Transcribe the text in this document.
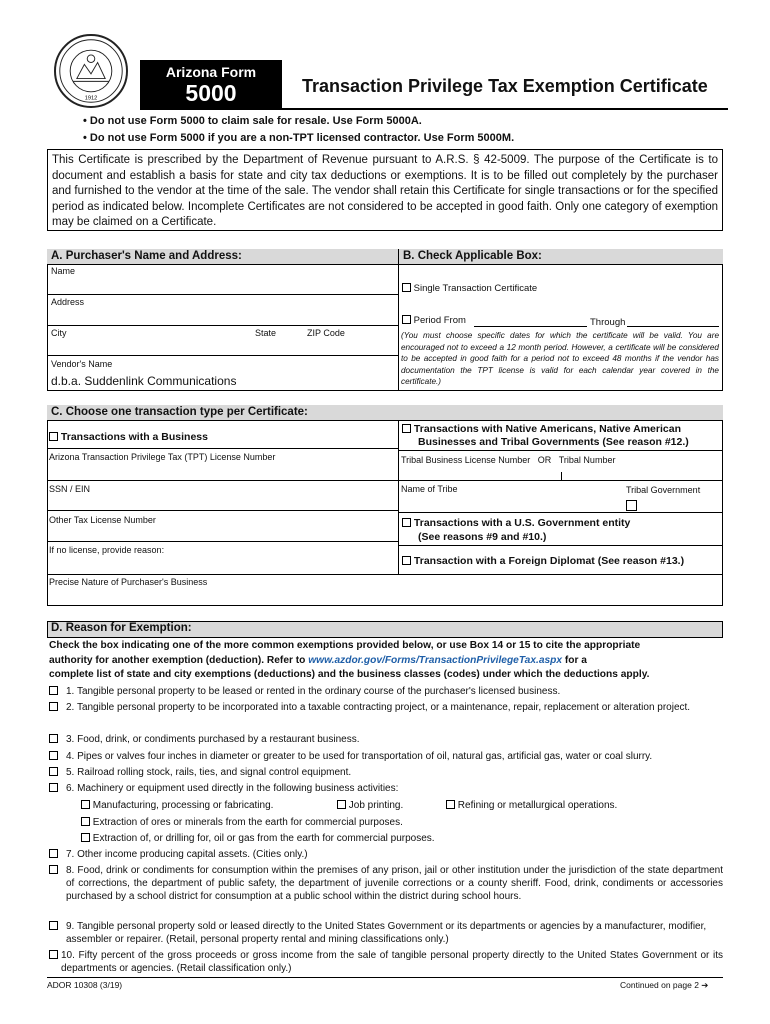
1912
Arizona Form
5000	Transaction Privilege Tax Exemption Certificate
• Do not use Form 5000 to claim sale for resale. Use Form 5000A.
• Do not use Form 5000 if you are a non-TPT licensed contractor. Use Form 5000M.
This Certificate is prescribed by the Department of Revenue pursuant to A.R.S. § 42-5009. The purpose of the Certificate is to document and establish a basis for state and city tax deductions or exemptions. It is to be filled out completely by the purchaser and furnished to the vendor at the time of the sale. The vendor shall retain this Certificate for single transactions or for the specified period as indicated below. Incomplete Certificates are not considered to be accepted in good faith. Only one category of exemption may be claimed on a Certificate.
A. Purchaser's Name and Address:	B. Check Applicable Box:
Name
Address
City	State	ZIP Code
Vendor's Name
d.b.a. Suddenlink Communications
Single Transaction Certificate
Period From	Through
(You must choose specific dates for which the certificate will be valid. You are encouraged not to exceed a 12 month period. However, a certificate will be considered to be accepted in good faith for a period not to exceed 48 months if the vendor has documentation the TPT license is valid for each calendar year covered in the certificate.)
C. Choose one transaction type per Certificate:
Transactions with a Business
Arizona Transaction Privilege Tax (TPT) License Number
SSN / EIN
Other Tax License Number
If no license, provide reason:
Precise Nature of Purchaser's Business
Transactions with Native Americans, Native American
Businesses and Tribal Governments (See reason #12.)
Tribal Business License Number OR Tribal Number
Name of Tribe	Tribal Government
Transactions with a U.S. Government entity
(See reasons #9 and #10.)
Transaction with a Foreign Diplomat (See reason #13.)
D. Reason for Exemption:
Check the box indicating one of the more common exemptions provided below, or use Box 14 or 15 to cite the appropriate
authority for another exemption (deduction). Refer to www.azdor.gov/Forms/TransactionPrivilegeTax.aspx for a
complete list of state and city exemptions (deductions) and the business classes (codes) under which the deductions apply.
1. Tangible personal property to be leased or rented in the ordinary course of the purchaser's licensed business.
2. Tangible personal property to be incorporated into a taxable contracting project, or a maintenance, repair, replacement or alteration project.
3. Food, drink, or condiments purchased by a restaurant business.
4. Pipes or valves four inches in diameter or greater to be used for transportation of oil, natural gas, artificial gas, water or coal slurry.
5. Railroad rolling stock, rails, ties, and signal control equipment.
6. Machinery or equipment used directly in the following business activities:
Manufacturing, processing or fabricating.	Job printing.	Refining or metallurgical operations.
Extraction of ores or minerals from the earth for commercial purposes.
Extraction of, or drilling for, oil or gas from the earth for commercial purposes.
7. Other income producing capital assets. (Cities only.)
8. Food, drink or condiments for consumption within the premises of any prison, jail or other institution under the jurisdiction of the state department of corrections, the department of public safety, the department of juvenile corrections or a county sheriff. Food, drink, condiments or accessories purchased by a school district for consumption at a public school within the district during school hours.
9. Tangible personal property sold or leased directly to the United States Government or its departments or agencies by a manufacturer, modifier, assembler or repairer. (Retail, personal property rental and mining classifications only.)
10. Fifty percent of the gross proceeds or gross income from the sale of tangible personal property directly to the United States Government or its departments or agencies. (Retail classification only.)
ADOR 10308 (3/19)	Continued on page 2 ➔
